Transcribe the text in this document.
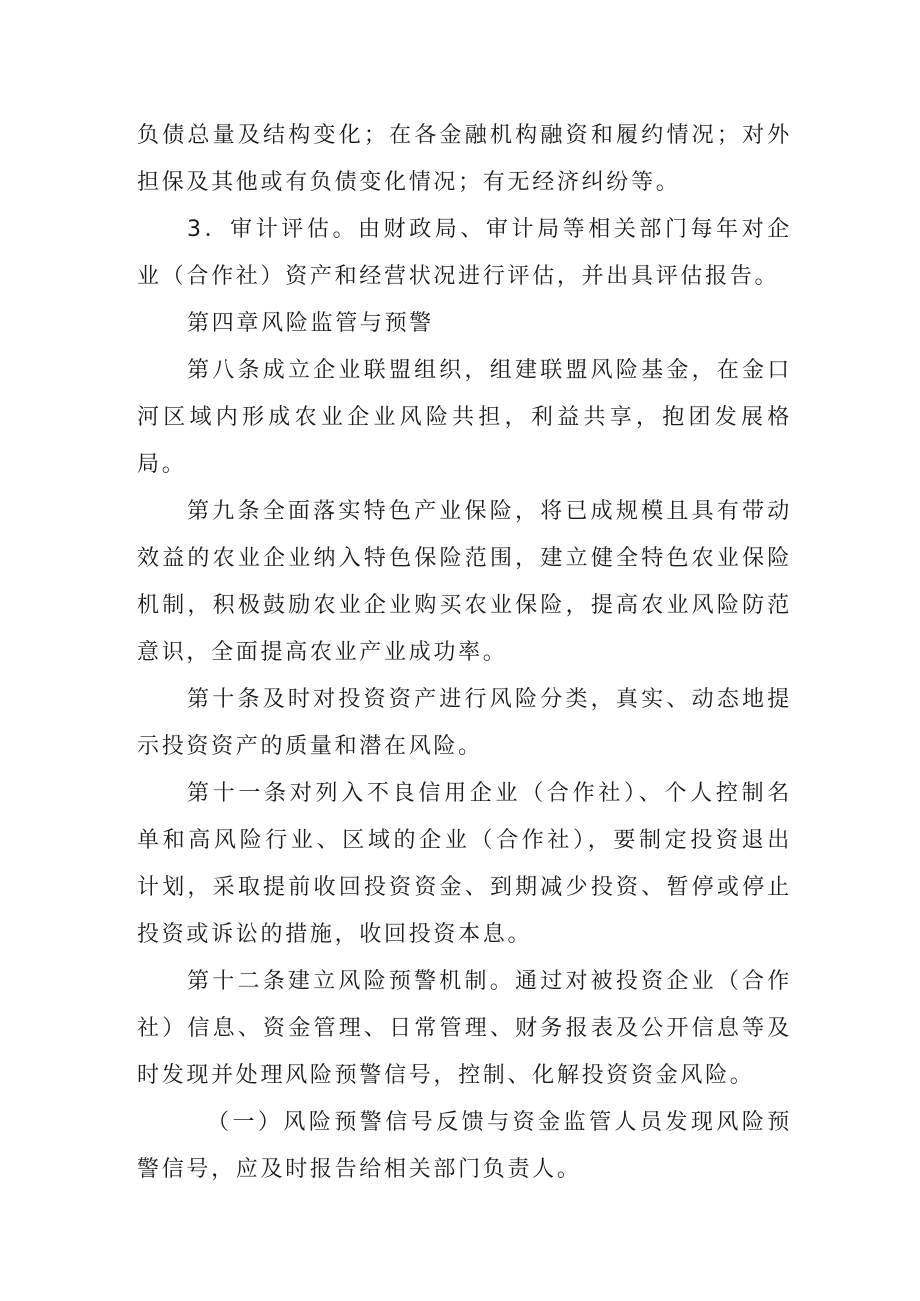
负债总量及结构变化；在各金融机构融资和履约情况；对外担保及其他或有负债变化情况；有无经济纠纷等。

3．审计评估。由财政局、审计局等相关部门每年对企业（合作社）资产和经营状况进行评估，并出具评估报告。

第四章风险监管与预警

第八条成立企业联盟组织，组建联盟风险基金，在金口河区域内形成农业企业风险共担，利益共享，抱团发展格局。

第九条全面落实特色产业保险，将已成规模且具有带动效益的农业企业纳入特色保险范围，建立健全特色农业保险机制，积极鼓励农业企业购买农业保险，提高农业风险防范意识，全面提高农业产业成功率。

第十条及时对投资资产进行风险分类，真实、动态地提示投资资产的质量和潜在风险。

第十一条对列入不良信用企业（合作社）、个人控制名单和高风险行业、区域的企业（合作社），要制定投资退出计划，采取提前收回投资资金、到期减少投资、暂停或停止投资或诉讼的措施，收回投资本息。

第十二条建立风险预警机制。通过对被投资企业（合作社）信息、资金管理、日常管理、财务报表及公开信息等及时发现并处理风险预警信号，控制、化解投资资金风险。

（一）风险预警信号反馈与资金监管人员发现风险预警信号，应及时报告给相关部门负责人。
